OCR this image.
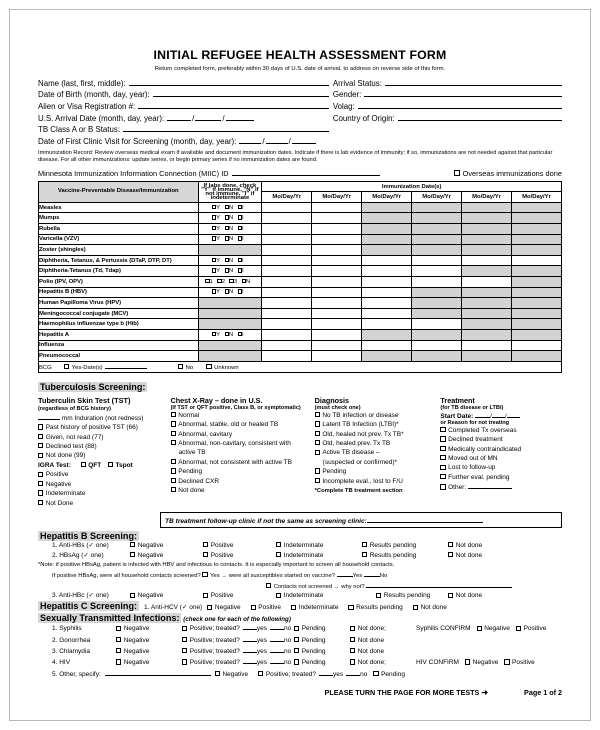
INITIAL REFUGEE HEALTH ASSESSMENT FORM
Return completed form, preferably within 30 days of U.S. date of arrival, to address on reverse side of this form.
Name (last, first, middle):
Date of Birth (month, day, year):
Alien or Visa Registration #:
U.S. Arrival Date (month, day, year):	/	/
TB Class A or B Status:
Arrival Status:
Gender:
Volag:
Country of Origin:
Date of First Clinic Visit for Screening (month, day, year):	/	/
Immunization Record: Review overseas medical exam if available and document immunization dates. Indicate if there is lab evidence of immunity; if so, immunizations are not needed against that particular disease. For all other immunizations: update series, or begin primary series if no immunization dates are found.
Minnesota Immunization Information Connection (MIIC) ID	Overseas immunizations done
Vaccine-Preventable Disease/Immunization	If labs done, check "Y" if immune, "N" if not immune, "I" if indeterminate	Immunization Date(s)					
		Mo/Day/Yr	Mo/Day/Yr	Mo/Day/Yr	Mo/Day/Yr	Mo/Day/Yr	Mo/Day/Yr
Measles	Y N I						
Mumps	Y N I						
Rubella	Y N I						
Varicella (VZV)	Y N I						
Zoster (shingles)							
Diphtheria, Tetanus, & Pertussis (DTaP, DTP, DT)	Y N I						
Diphtheria-Tetanus (Td, Tdap)	Y N I						
Polio (IPV, OPV)	1 2 3 N						
Hepatitis B (HBV)	Y N I						
Human Papilloma Virus (HPV)							
Meningococcal conjugate (MCV)							
Haemophilus influenzae type b (Hib)							
Hepatitis A	Y N I						
Influenza							
Pneumococcal							
BCG Yes-Date(s) No Unknown							
Tuberculosis Screening:
Tuberculin Skin Test (TST)
(regardless of BCG history)
mm Induration (not redness)
Past history of positive TST (66)
Given, not read (77)
Declined test (88)
Not done (99)
IGRA Test:	QFT Tspot
Positive
Negative
Indeterminate
Not Done
Chest X-Ray – done in U.S.
(If TST or QFT positive, Class B, or symptomatic)
Normal
Abnormal, stable, old or healed TB
Abnormal, cavitary
Abnormal, non-cavitary, consistent with
active TB
Abnormal, not consistent with active TB
Pending
Declined CXR
Not done
Diagnosis
(must check one)
No TB infection or disease
Latent TB Infection (LTBI)*
Old, healed not prev. Tx TB*
Old, healed prev. Tx TB
Active TB disease –
(suspected or confirmed)*
Pending
Incomplete eval., lost to F/U
*Complete TB treatment section
Treatment
(for TB disease or LTBI)
Start Date:	/ /
or Reason for not treating
Completed Tx overseas
Declined treatment
Medically contraindicated
Moved out of MN
Lost to follow-up
Further eval. pending
Other:
TB treatment follow-up clinic if not the same as screening clinic:
Hepatitis B Screening:
1. Anti-HBs (✓ one)	Negative	Positive	Indeterminate	Results pending	Not done
2. HBsAg (✓ one)	Negative	Positive	Indeterminate	Results pending	Not done
*Note: if positive HBsAg, patient is infected with HBV and infectious to contacts. It is especially important to screen all household contacts.
If positive HBsAg, were all household contacts screened? Yes → were all susceptibles started on vaccine?	Yes	No
Contacts not screened → why not?
3. Anti-HBc (✓ one)	Negative	Positive	Indeterminate	Results pending	Not done
Hepatitis C Screening:	1. Anti-HCV (✓ one)	Negative	Positive	Indeterminate	Results pending	Not done
Sexually Transmitted Infections: (check one for each of the following)
1. Syphilis	Negative	Positive; treated?	yes	no	Pending	Not done;	Syphilis CONFIRM Negative Positive
2. Gonorrhea	Negative	Positive; treated?	yes	no	Pending	Not done
3. Chlamydia	Negative	Positive; treated?	yes	no	Pending	Not done
4. HIV	Negative	Positive; treated?	yes	no	Pending	Not done;	HIV CONFIRM Negative Positive
5. Other, specify:	Negative	Positive; treated?	yes	no	Pending
PLEASE TURN THE PAGE FOR MORE TESTS ➜	Page 1 of 2
